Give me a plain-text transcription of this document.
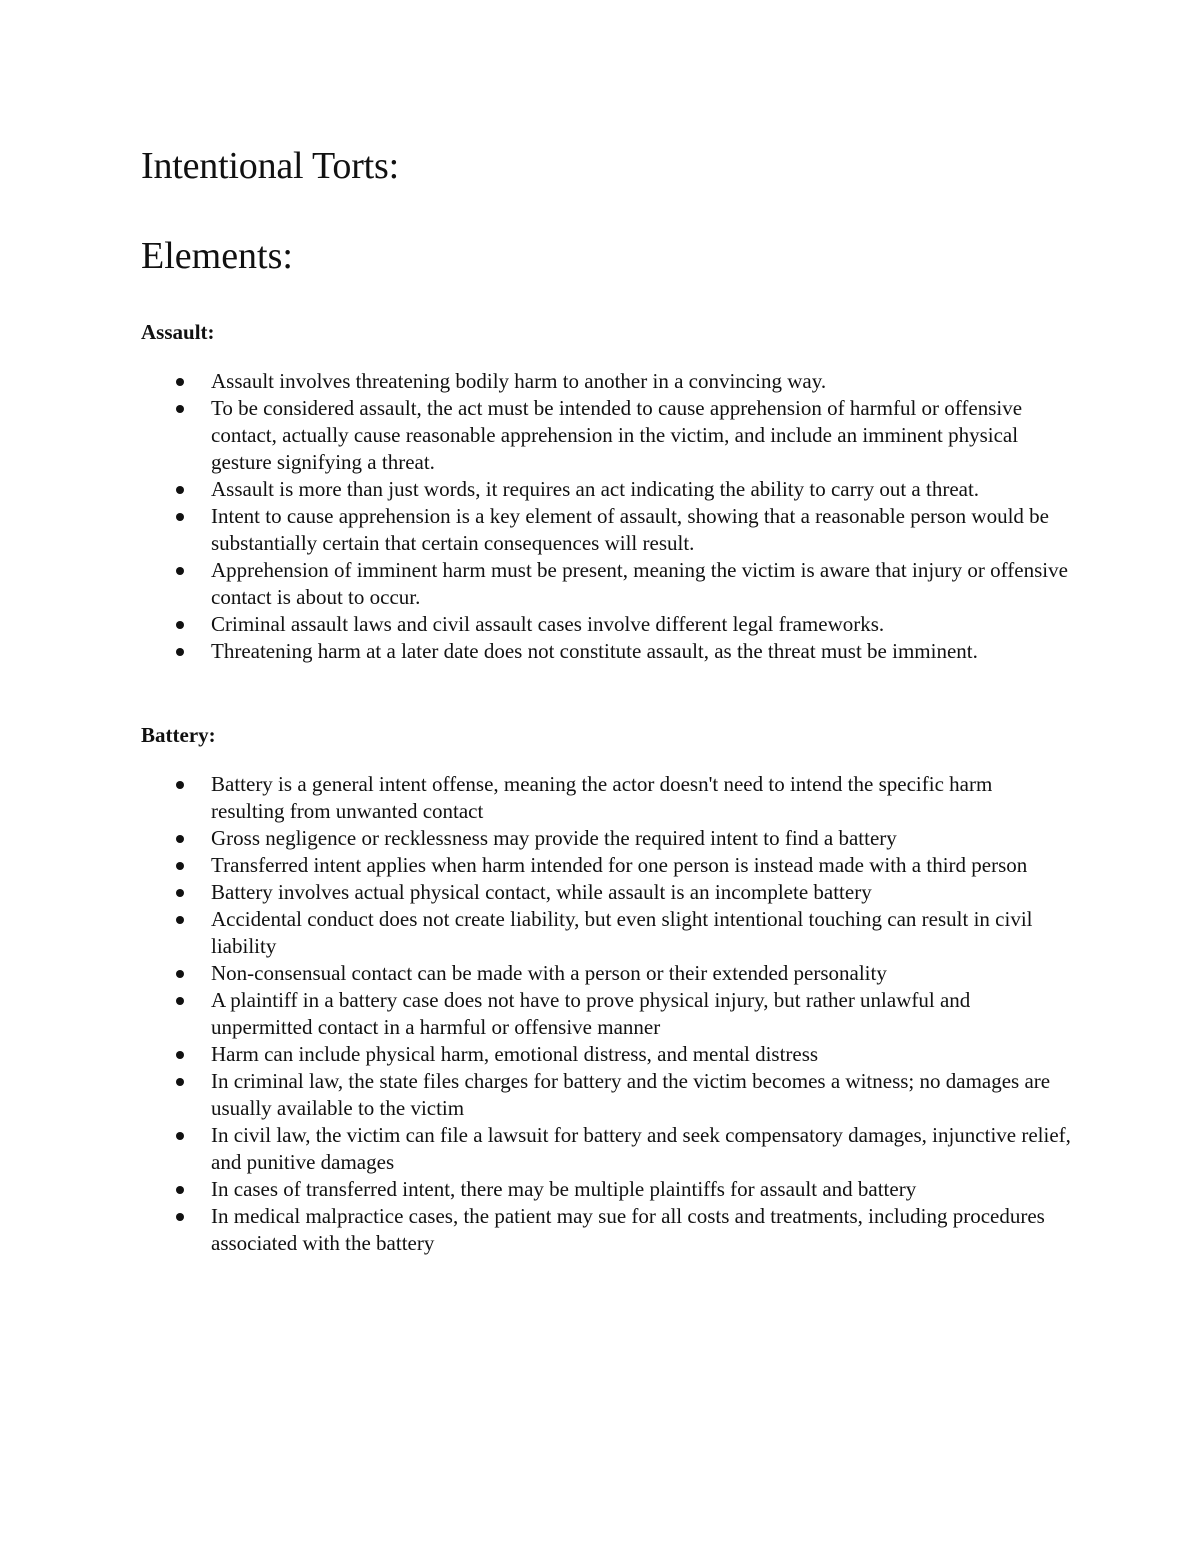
Intentional Torts:
Elements:
Assault:
Assault involves threatening bodily harm to another in a convincing way.
To be considered assault, the act must be intended to cause apprehension of harmful or offensive contact, actually cause reasonable apprehension in the victim, and include an imminent physical gesture signifying a threat.
Assault is more than just words, it requires an act indicating the ability to carry out a threat.
Intent to cause apprehension is a key element of assault, showing that a reasonable person would be substantially certain that certain consequences will result.
Apprehension of imminent harm must be present, meaning the victim is aware that injury or offensive contact is about to occur.
Criminal assault laws and civil assault cases involve different legal frameworks.
Threatening harm at a later date does not constitute assault, as the threat must be imminent.
Battery:
Battery is a general intent offense, meaning the actor doesn't need to intend the specific harm resulting from unwanted contact
Gross negligence or recklessness may provide the required intent to find a battery
Transferred intent applies when harm intended for one person is instead made with a third person
Battery involves actual physical contact, while assault is an incomplete battery
Accidental conduct does not create liability, but even slight intentional touching can result in civil liability
Non-consensual contact can be made with a person or their extended personality
A plaintiff in a battery case does not have to prove physical injury, but rather unlawful and unpermitted contact in a harmful or offensive manner
Harm can include physical harm, emotional distress, and mental distress
In criminal law, the state files charges for battery and the victim becomes a witness; no damages are usually available to the victim
In civil law, the victim can file a lawsuit for battery and seek compensatory damages, injunctive relief, and punitive damages
In cases of transferred intent, there may be multiple plaintiffs for assault and battery
In medical malpractice cases, the patient may sue for all costs and treatments, including procedures associated with the battery
